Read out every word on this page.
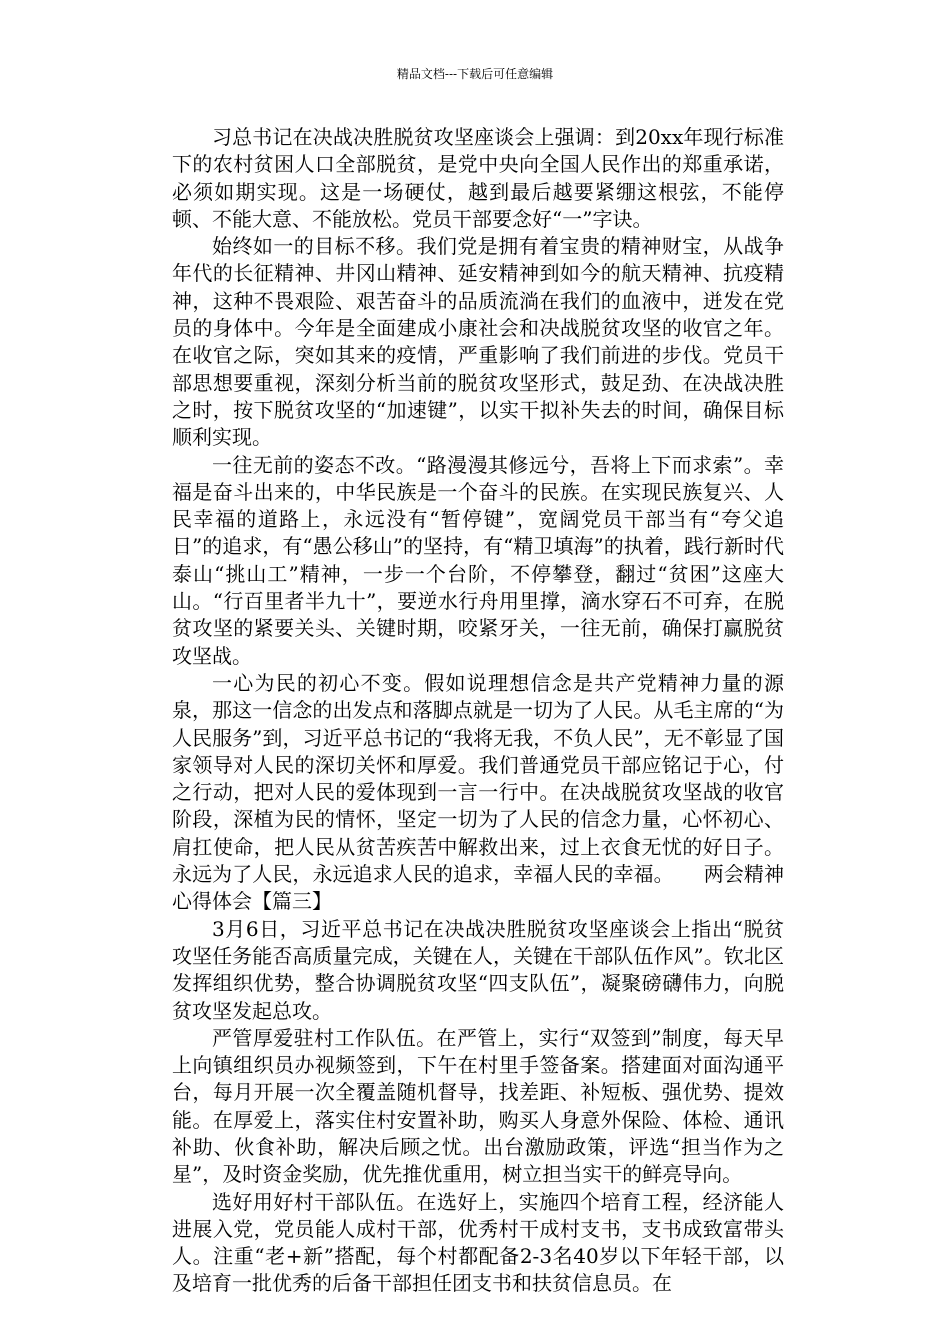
精品文档---下载后可任意编辑

习总书记在决战决胜脱贫攻坚座谈会上强调：到20xx年现行标准下的农村贫困人口全部脱贫，是党中央向全国人民作出的郑重承诺，必须如期实现。这是一场硬仗，越到最后越要紧绷这根弦，不能停顿、不能大意、不能放松。党员干部要念好“一”字诀。

始终如一的目标不移。我们党是拥有着宝贵的精神财宝，从战争年代的长征精神、井冈山精神、延安精神到如今的航天精神、抗疫精神，这种不畏艰险、艰苦奋斗的品质流淌在我们的血液中，迸发在党员的身体中。今年是全面建成小康社会和决战脱贫攻坚的收官之年。在收官之际，突如其来的疫情，严重影响了我们前进的步伐。党员干部思想要重视，深刻分析当前的脱贫攻坚形式，鼓足劲、在决战决胜之时，按下脱贫攻坚的“加速键”，以实干拟补失去的时间，确保目标顺利实现。

一往无前的姿态不改。“路漫漫其修远兮，吾将上下而求索”。幸福是奋斗出来的，中华民族是一个奋斗的民族。在实现民族复兴、人民幸福的道路上，永远没有“暂停键”，宽阔党员干部当有“夸父追日”的追求，有“愚公移山”的坚持，有“精卫填海”的执着，践行新时代泰山“挑山工”精神，一步一个台阶，不停攀登，翻过“贫困”这座大山。“行百里者半九十”，要逆水行舟用里撑，滴水穿石不可弃，在脱贫攻坚的紧要关头、关键时期，咬紧牙关，一往无前，确保打赢脱贫攻坚战。

一心为民的初心不变。假如说理想信念是共产党精神力量的源泉，那这一信念的出发点和落脚点就是一切为了人民。从毛主席的“为人民服务”到，习近平总书记的“我将无我，不负人民”，无不彰显了国家领导对人民的深切关怀和厚爱。我们普通党员干部应铭记于心，付之行动，把对人民的爱体现到一言一行中。在决战脱贫攻坚战的收官阶段，深植为民的情怀，坚定一切为了人民的信念力量，心怀初心、肩扛使命，把人民从贫苦疾苦中解救出来，过上衣食无忧的好日子。永远为了人民，永远追求人民的追求，幸福人民的幸福。　　两会精神心得体会【篇三】

3月6日，习近平总书记在决战决胜脱贫攻坚座谈会上指出“脱贫攻坚任务能否高质量完成，关键在人，关键在干部队伍作风”。钦北区发挥组织优势，整合协调脱贫攻坚“四支队伍”，凝聚磅礴伟力，向脱贫攻坚发起总攻。

严管厚爱驻村工作队伍。在严管上，实行“双签到”制度，每天早上向镇组织员办视频签到，下午在村里手签备案。搭建面对面沟通平台，每月开展一次全覆盖随机督导，找差距、补短板、强优势、提效能。在厚爱上，落实住村安置补助，购买人身意外保险、体检、通讯补助、伙食补助，解决后顾之忧。出台激励政策，评选“担当作为之星”，及时资金奖励，优先推优重用，树立担当实干的鲜亮导向。

选好用好村干部队伍。在选好上，实施四个培育工程，经济能人进展入党，党员能人成村干部，优秀村干成村支书，支书成致富带头人。注重“老+新”搭配，每个村都配备2-3名40岁以下年轻干部，以及培育一批优秀的后备干部担任团支书和扶贫信息员。在
